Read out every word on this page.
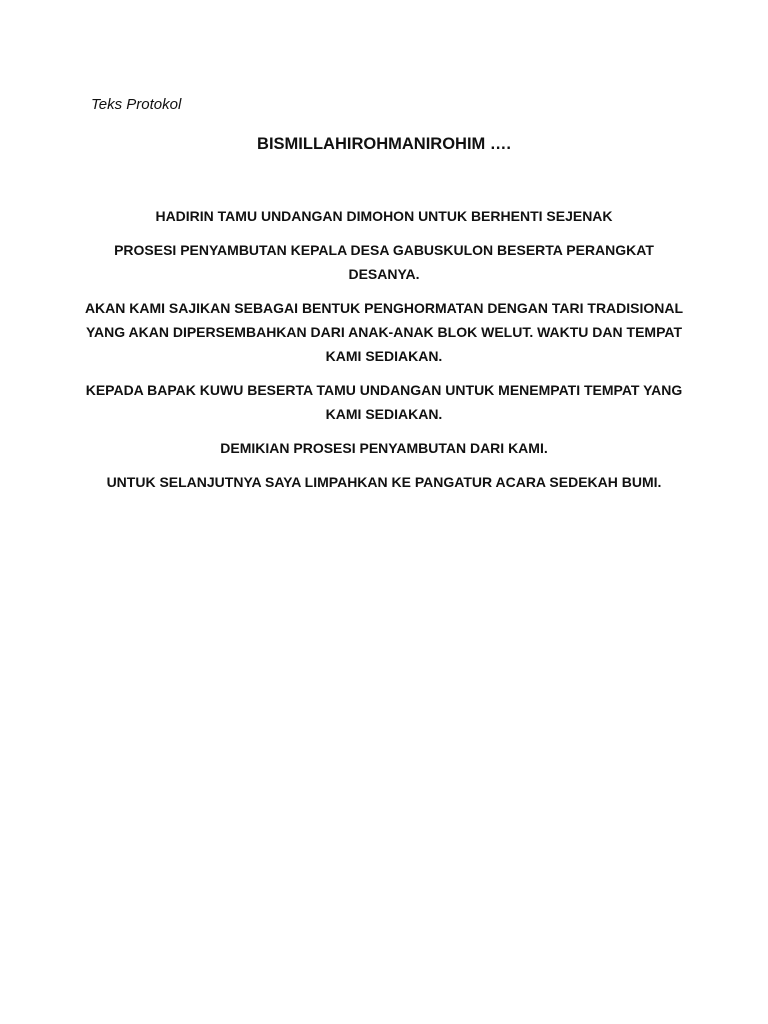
Teks Protokol
BISMILLAHIROHMANIROHIM ….

HADIRIN TAMU UNDANGAN DIMOHON UNTUK BERHENTI SEJENAK

PROSESI PENYAMBUTAN KEPALA DESA GABUSKULON BESERTA PERANGKAT DESANYA.

AKAN KAMI SAJIKAN SEBAGAI BENTUK PENGHORMATAN DENGAN TARI TRADISIONAL YANG AKAN DIPERSEMBAHKAN DARI ANAK-ANAK BLOK WELUT. WAKTU DAN TEMPAT KAMI SEDIAKAN.

KEPADA BAPAK KUWU BESERTA TAMU UNDANGAN UNTUK MENEMPATI TEMPAT YANG KAMI SEDIAKAN.

DEMIKIAN PROSESI PENYAMBUTAN DARI KAMI.

UNTUK SELANJUTNYA SAYA LIMPAHKAN KE PANGATUR ACARA SEDEKAH BUMI.
